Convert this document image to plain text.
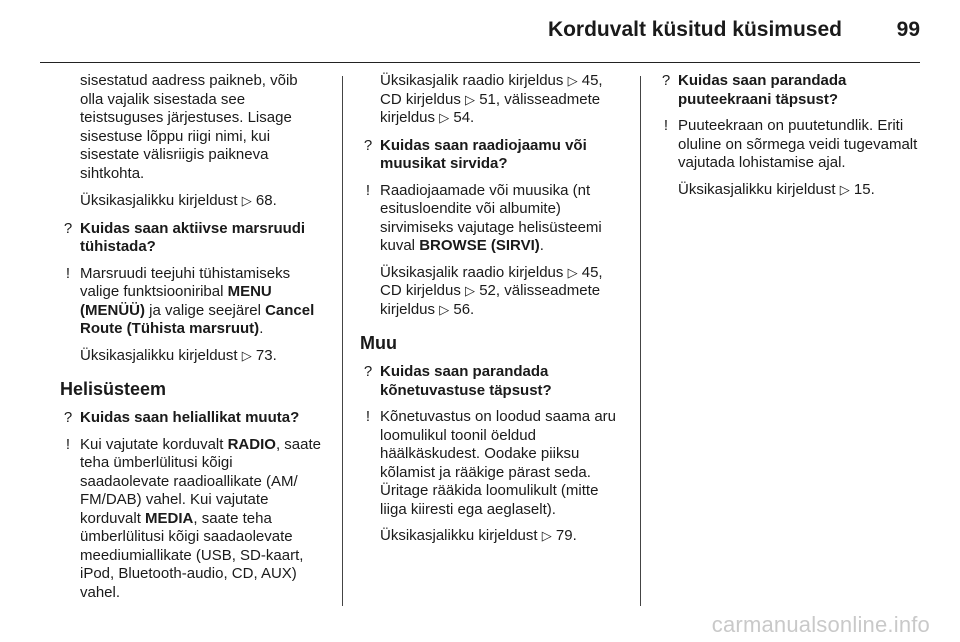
Korduvalt küsitud küsimused	99

sisestatud aadress paikneb, võib olla vajalik sisestada see teistsuguses järjestuses. Lisage sisestuse lõppu riigi nimi, kui sisestate välisriigis paikneva sihtkohta.

Üksikasjalikku kirjeldust ▷ 68.

? Kuidas saan aktiivse marsruudi tühistada?
! Marsruudi teejuhi tühistamiseks valige funktsiooniribal MENU (MENÜÜ) ja valige seejärel Cancel Route (Tühista marsruut).

Üksikasjalikku kirjeldust ▷ 73.

Helisüsteem
? Kuidas saan heliallikat muuta?
! Kui vajutate korduvalt RADIO, saate teha ümberlülitusi kõigi saadaolevate raadioallikate (AM/ FM/DAB) vahel. Kui vajutate korduvalt MEDIA, saate teha ümberlülitusi kõigi saadaolevate meediumiallikate (USB, SD-kaart, iPod, Bluetooth-audio, CD, AUX) vahel.

Üksikasjalik raadio kirjeldus ▷ 45, CD kirjeldus ▷ 51, välisseadmete kirjeldus ▷ 54.

? Kuidas saan raadiojaamu või muusikat sirvida?
! Raadiojaamade või muusika (nt esitusloendite või albumite) sirvimiseks vajutage helisüsteemi kuval BROWSE (SIRVI).

Üksikasjalik raadio kirjeldus ▷ 45, CD kirjeldus ▷ 52, välisseadmete kirjeldus ▷ 56.

Muu
? Kuidas saan parandada kõnetuvastuse täpsust?
! Kõnetuvastus on loodud saama aru loomulikul toonil öeldud häälkäskudest. Oodake piiksu kõlamist ja rääkige pärast seda. Üritage rääkida loomulikult (mitte liiga kiiresti ega aeglaselt).

Üksikasjalikku kirjeldust ▷ 79.

? Kuidas saan parandada puuteekraani täpsust?
! Puuteekraan on puutetundlik. Eriti oluline on sõrmega veidi tugevamalt vajutada lohistamise ajal.

Üksikasjalikku kirjeldust ▷ 15.

carmanualsonline.info
